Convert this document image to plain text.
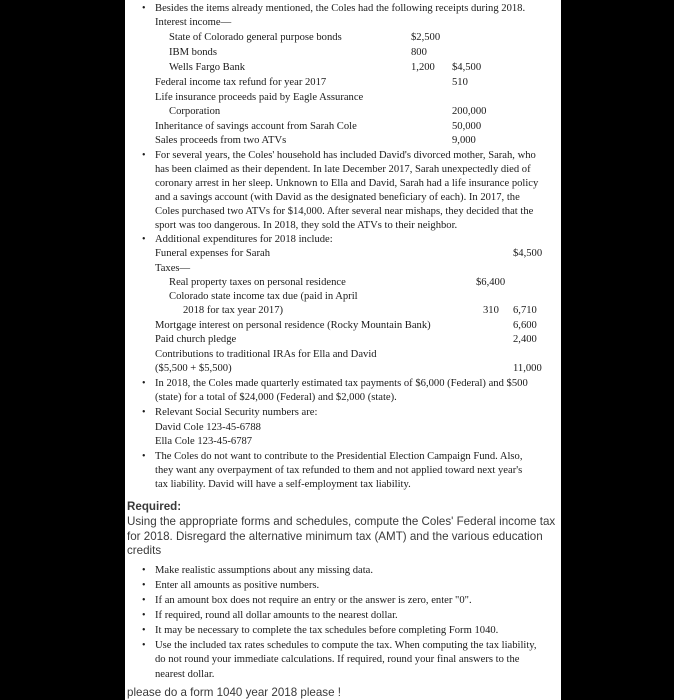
• Besides the items already mentioned, the Coles had the following receipts during 2018.
Interest income—
State of Colorado general purpose bonds	$2,500
IBM bonds	800
Wells Fargo Bank	1,200 $4,500
Federal income tax refund for year 2017	510
Life insurance proceeds paid by Eagle Assurance
Corporation	200,000
Inheritance of savings account from Sarah Cole	50,000
Sales proceeds from two ATVs	9,000
• For several years, the Coles' household has included David's divorced mother, Sarah, who
has been claimed as their dependent. In late December 2017, Sarah unexpectedly died of
coronary arrest in her sleep. Unknown to Ella and David, Sarah had a life insurance policy
and a savings account (with David as the designated beneficiary of each). In 2017, the
Coles purchased two ATVs for $14,000. After several near mishaps, they decided that the
sport was too dangerous. In 2018, they sold the ATVs to their neighbor.
• Additional expenditures for 2018 include:
Funeral expenses for Sarah	$4,500
Taxes—
Real property taxes on personal residence	$6,400
Colorado state income tax due (paid in April
2018 for tax year 2017)	310 6,710
Mortgage interest on personal residence (Rocky Mountain Bank)	6,600
Paid church pledge	2,400
Contributions to traditional IRAs for Ella and David
($5,500 + $5,500)	11,000
• In 2018, the Coles made quarterly estimated tax payments of $6,000 (Federal) and $500
(state) for a total of $24,000 (Federal) and $2,000 (state).
• Relevant Social Security numbers are:
David Cole 123-45-6788
Ella Cole 123-45-6787
• The Coles do not want to contribute to the Presidential Election Campaign Fund. Also,
they want any overpayment of tax refunded to them and not applied toward next year's
tax liability. David will have a self-employment tax liability.
Required:
Using the appropriate forms and schedules, compute the Coles' Federal income tax
for 2018. Disregard the alternative minimum tax (AMT) and the various education
credits
• Make realistic assumptions about any missing data.
• Enter all amounts as positive numbers.
• If an amount box does not require an entry or the answer is zero, enter "0".
• If required, round all dollar amounts to the nearest dollar.
• It may be necessary to complete the tax schedules before completing Form 1040.
• Use the included tax rates schedules to compute the tax. When computing the tax liability,
do not round your immediate calculations. If required, round your final answers to the
nearest dollar.
please do a form 1040 year 2018 please !
